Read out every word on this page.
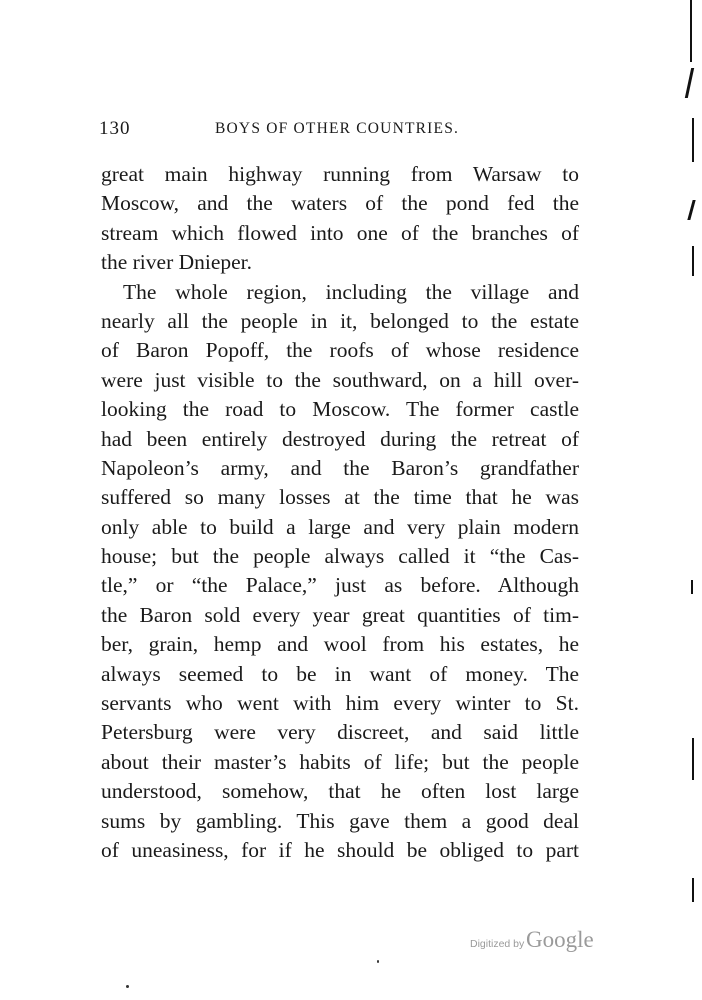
130	BOYS OF OTHER COUNTRIES.
great main highway running from Warsaw to
Moscow, and the waters of the pond fed the
stream which flowed into one of the branches of
the river Dnieper.
The whole region, including the village and
nearly all the people in it, belonged to the estate
of Baron Popoff, the roofs of whose residence
were just visible to the southward, on a hill over-
looking the road to Moscow. The former castle
had been entirely destroyed during the retreat of
Napoleon’s army, and the Baron’s grandfather
suffered so many losses at the time that he was
only able to build a large and very plain modern
house; but the people always called it “the Cas-
tle,” or “the Palace,” just as before. Although
the Baron sold every year great quantities of tim-
ber, grain, hemp and wool from his estates, he
always seemed to be in want of money. The
servants who went with him every winter to St.
Petersburg were very discreet, and said little
about their master’s habits of life; but the people
understood, somehow, that he often lost large
sums by gambling. This gave them a good deal
of uneasiness, for if he should be obliged to part
Digitized by Google
